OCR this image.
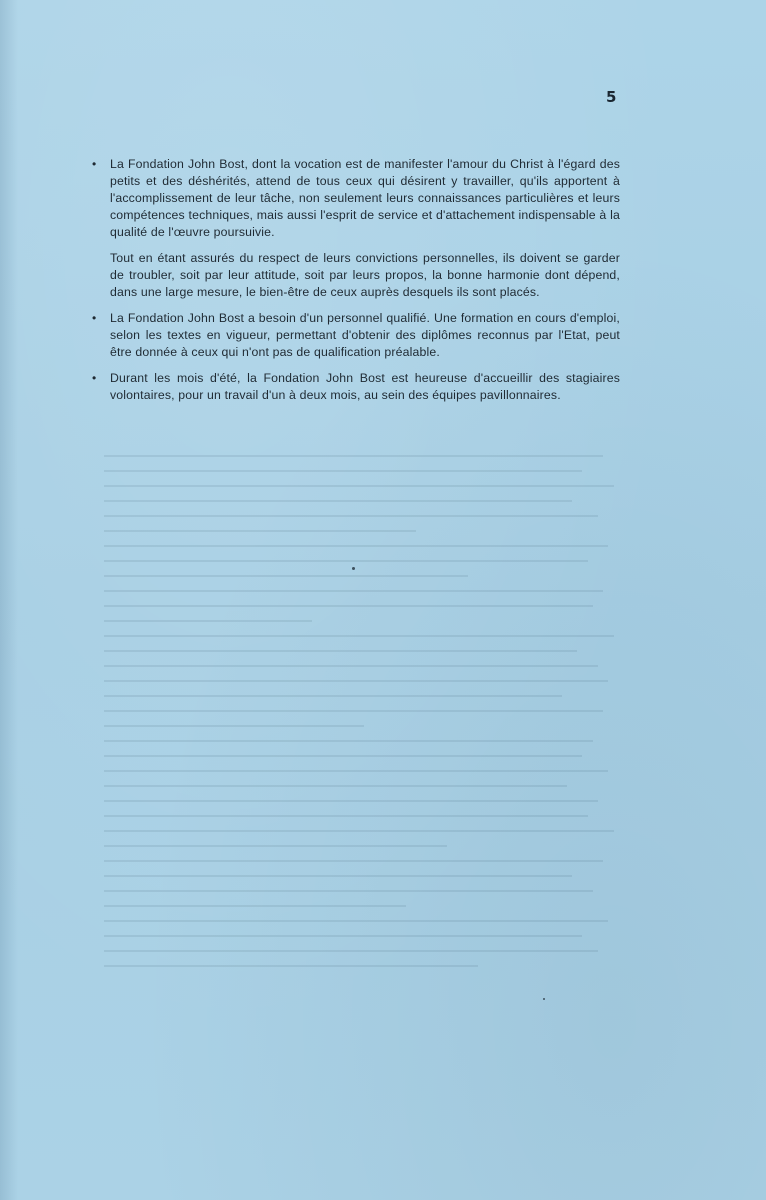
5
•	La Fondation John Bost, dont la vocation est de manifester l'amour du Christ à l'égard des petits et des déshérités, attend de tous ceux qui désirent y travailler, qu'ils apportent à l'accomplissement de leur tâche, non seulement leurs connaissances particulières et leurs compétences techniques, mais aussi l'esprit de service et d'attachement indispensable à la qualité de l'œuvre poursuivie.

Tout en étant assurés du respect de leurs convictions personnelles, ils doivent se garder de troubler, soit par leur attitude, soit par leurs propos, la bonne harmonie dont dépend, dans une large mesure, le bien-être de ceux auprès desquels ils sont placés.

•	La Fondation John Bost a besoin d'un personnel qualifié. Une formation en cours d'emploi, selon les textes en vigueur, permettant d'obtenir des diplômes reconnus par l'Etat, peut être donnée à ceux qui n'ont pas de qualification préalable.

•	Durant les mois d'été, la Fondation John Bost est heureuse d'accueillir des stagiaires volontaires, pour un travail d'un à deux mois, au sein des équipes pavillonnaires.
